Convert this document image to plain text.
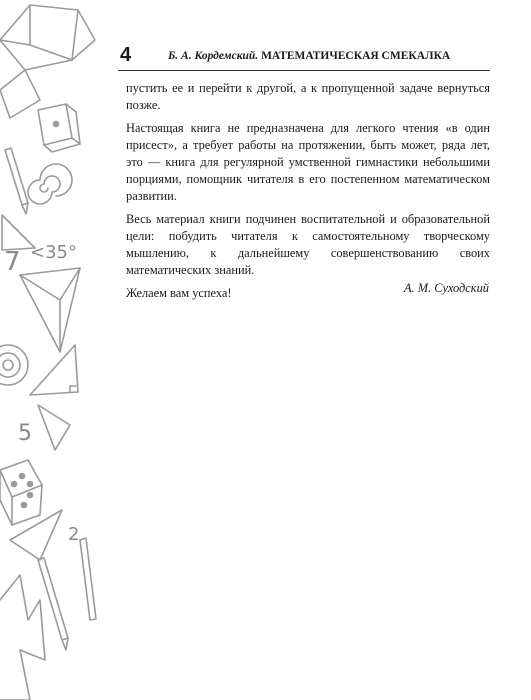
7 <35°
5
2
4	Б. А. Кордемский. МАТЕМАТИЧЕСКАЯ СМЕКАЛКА

пустить ее и перейти к другой, а к пропущенной задаче вернуться позже.

Настоящая книга не предназначена для легкого чтения «в один присест», а требует работы на протяжении, быть может, ряда лет, это — книга для регулярной умственной гимнастики небольшими порциями, помощник читателя в его постепенном математическом развитии.

Весь материал книги подчинен воспитательной и образовательной цели: побудить читателя к самостоятельному творческому мышлению, к дальнейшему совершенствованию своих математических знаний.

Желаем вам успеха!	А. М. Суходский
